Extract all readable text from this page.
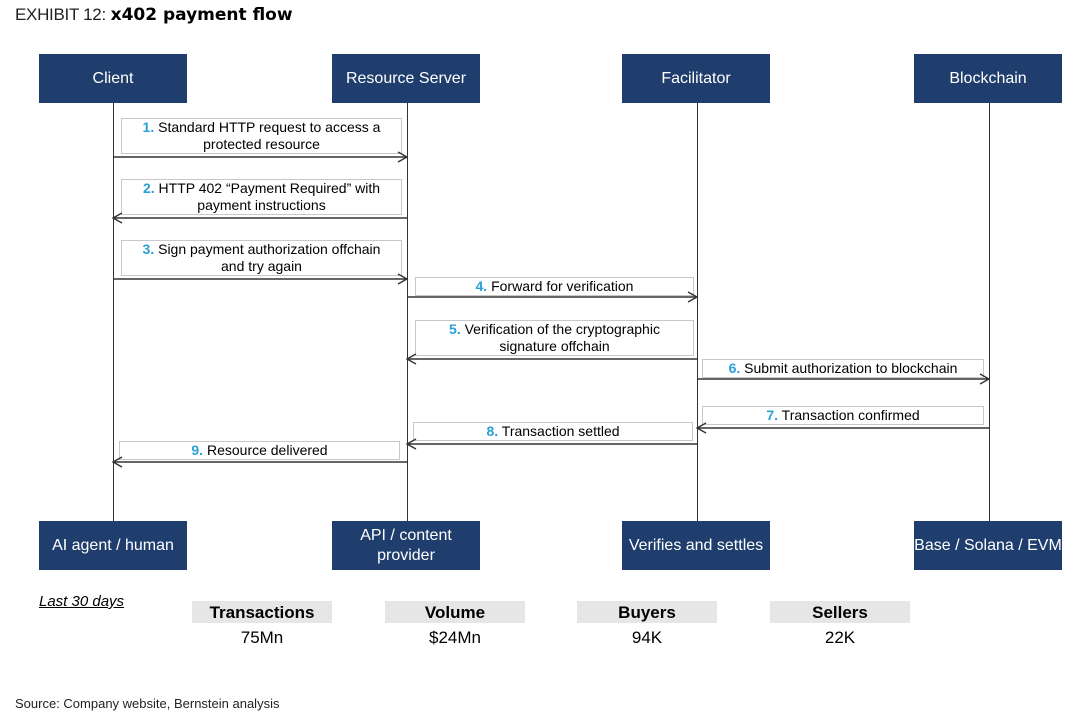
EXHIBIT 12: x402 payment flow
Client	Resource Server	Facilitator	Blockchain
AI agent / human
API / content provider
Verifies and settles	Base / Solana / EVM
1. Standard HTTP request to access a
protected resource
2. HTTP 402 “Payment Required” with
payment instructions
3. Sign payment authorization offchain
and try again
4. Forward for verification
5. Verification of the cryptographic
signature offchain
6. Submit authorization to blockchain
7. Transaction confirmed
8. Transaction settled
9. Resource delivered
Last 30 days
Transactions
75Mn
Volume
$24Mn
Buyers
94K
Sellers
22K
Source: Company website, Bernstein analysis
